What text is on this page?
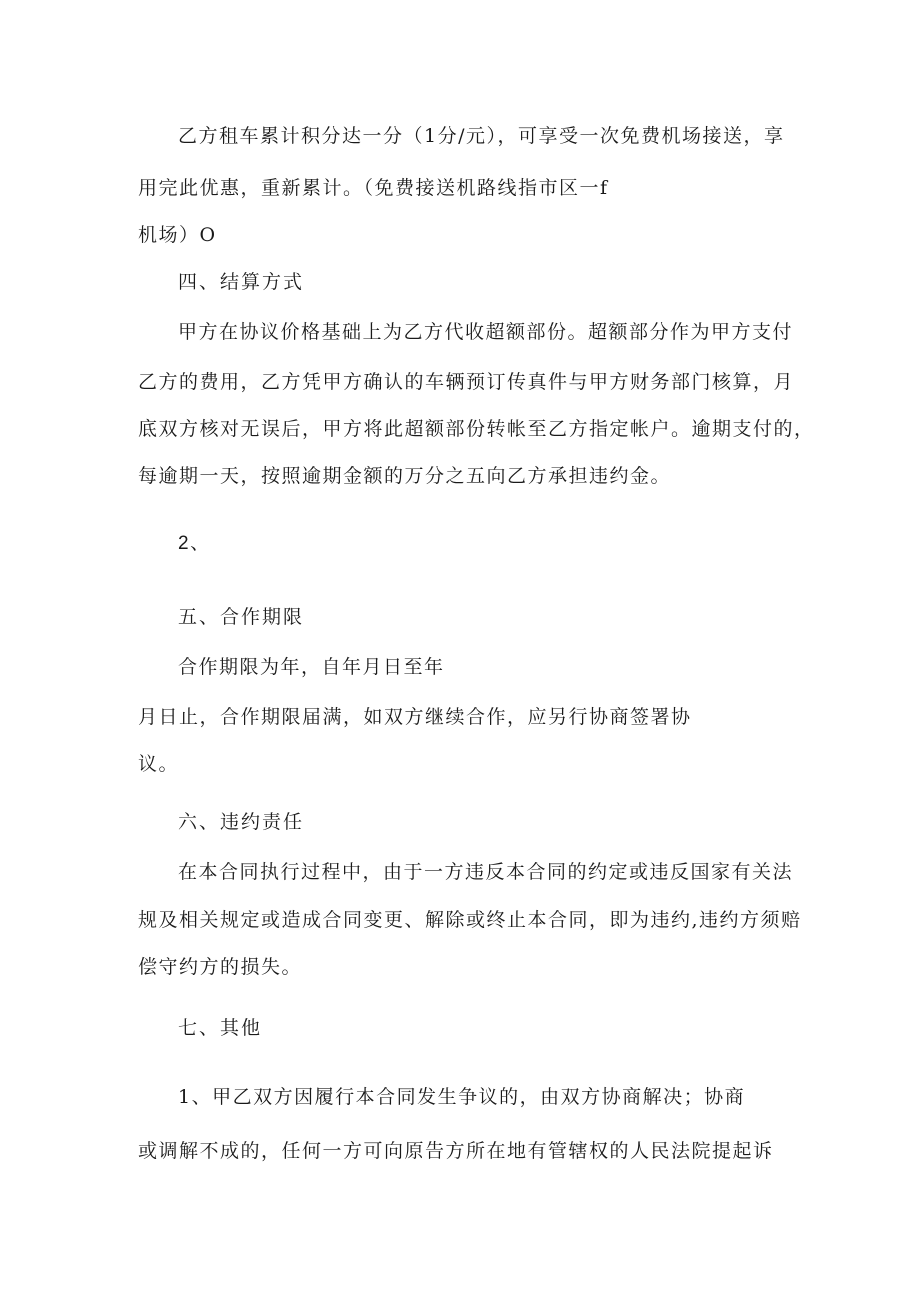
乙方租车累计积分达一分（1分/元），可享受一次免费机场接送，享

用完此优惠，重新累计。（免费接送机路线指市区一f

机场）O

四、结算方式

甲方在协议价格基础上为乙方代收超额部份。超额部分作为甲方支付

乙方的费用，乙方凭甲方确认的车辆预订传真件与甲方财务部门核算，月

底双方核对无误后，甲方将此超额部份转帐至乙方指定帐户。逾期支付的，

每逾期一天，按照逾期金额的万分之五向乙方承担违约金。

2、

五、合作期限

合作期限为年，自年月日至年

月日止，合作期限届满，如双方继续合作，应另行协商签署协

议。

六、违约责任

在本合同执行过程中，由于一方违反本合同的约定或违反国家有关法

规及相关规定或造成合同变更、解除或终止本合同，即为违约,违约方须赔

偿守约方的损失。

七、其他

1、甲乙双方因履行本合同发生争议的，由双方协商解决；协商

或调解不成的，任何一方可向原告方所在地有管辖权的人民法院提起诉
